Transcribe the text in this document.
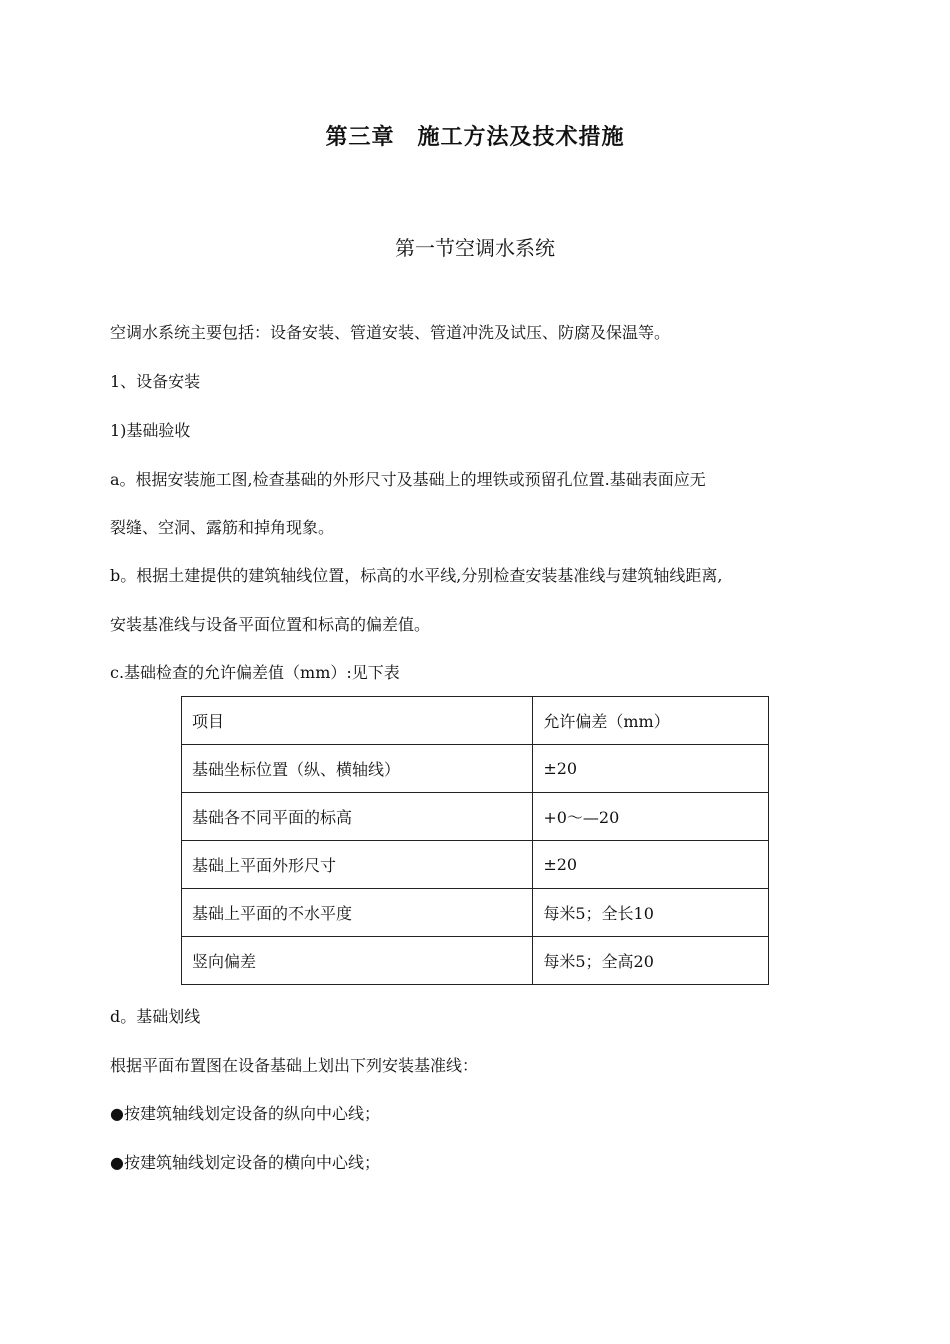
第三章　施工方法及技术措施
第一节空调水系统
空调水系统主要包括：设备安装、管道安装、管道冲洗及试压、防腐及保温等。
1、设备安装
1)基础验收
a。根据安装施工图,检查基础的外形尺寸及基础上的埋铁或预留孔位置.基础表面应无
裂缝、空洞、露筋和掉角现象。
b。根据土建提供的建筑轴线位置，标高的水平线,分别检查安装基准线与建筑轴线距离,
安装基准线与设备平面位置和标高的偏差值。
c.基础检查的允许偏差值（mm）:见下表
项目	允许偏差（mm）
基础坐标位置（纵、横轴线）	±20
基础各不同平面的标高	+0～—20
基础上平面外形尺寸	±20
基础上平面的不水平度	每米5；全长10
竖向偏差	每米5；全高20
d。基础划线
根据平面布置图在设备基础上划出下列安装基准线：
●按建筑轴线划定设备的纵向中心线；
●按建筑轴线划定设备的横向中心线；
